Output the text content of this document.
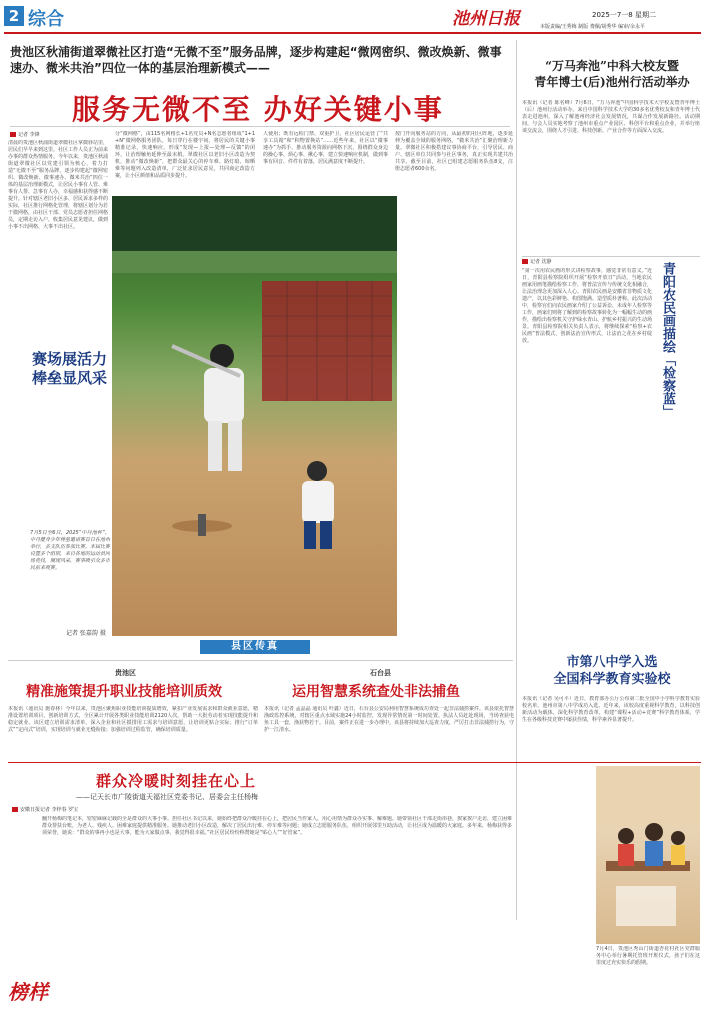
2 综合	池州日报	2025一7一8 星期二
本版责编/王秀梅 制版 费佩/胡秀华 编审/余永平
贵池区秋浦街道翠微社区打造“无微不至”服务品牌，逐步构建起“微网密织、微改焕新、微事速办、微米共治”四位一体的基层治理新模式——
服务无微不至 办好关键小事
记者 李锋
清晨的贵池区秋浦街道翠微社区掌微驿站里，居民们早早来到这里。社区工作人员正为前来办事的群众热情服务。今年以来，贵池区秋浦街道翠微社区以党建引领为核心，着力打造“无微不至”服务品牌，逐步构建起“微网密织、微改焕新、微事速办、微米共治”四位一体的基层治理新模式，让居民小事有人管、难事有人帮、急事有人办，幸福感和获得感不断提升。针对辖区老旧小区多、居民诉求多样的实际，社区推行网格化管理，将辖区划分为若干微网格，由社区干部、党员志愿者担任网格员，定期走访入户，收集居民意见建议，做到小事不出网格、大事不出社区。
分“微网格”，由115名网格长+1名党员+N名志愿者组成“1+1+N”微网格服务团队，每日穿行在楼宇间，将居民的关键小事精准记录、快速响应。形成“发现—上报—处理—反馈”的闭环，让治理触角延伸至最末梢。翠微社区以老旧小区改造为契机，推动“微改焕新”，把群众最关心的停车难、路灯暗、晾晒难等问题列入改造清单，广泛征求居民意见，共同商定改造方案，让小区颜值和品质同步提升。
人使用；既有远程门禁、双重护卫、社区居民运营了“共享工具箱”和“积物置换站”……近些年来，社区以“微事速办”为抓手，推动服务资源向网格下沉，围绕群众身边的操心事、烦心事、揪心事，建立快速响应机制，做到事事有回音、件件有着落，居民满意度不断提升。
按门开向服务站的方向，从最初的社区阵地，逐步延伸为覆盖全域的服务网络。“微米共治”汇聚治理新力量。翠微社区积极搭建议事协商平台，引导居民、商户、辖区单位共同参与社区事务，真正实现共建共治共享。截至目前，社区已组建志愿服务队伍8支，注册志愿者600余名。
赛场展活力
棒垒显风采
7月5日至6日，2025“中丹池杯”，中丹健身少年棒垒邀请赛首日在池州举行，多支队伍参加比赛。本届比赛设置多个组别，来自各地的运动员同场竞技，展现风采，赛事吸引众多市民前来观赛。
记者 张嘉韵 摄
“万马奔池”中科大校友暨
青年博士(后)池州行活动举办
本报讯（记者 陈名峰）7月6日，“万马奔池”中国科学技术大学校友暨青年博士（后）池州行活动举办。来自中国科学技术大学的30多名优秀校友和青年博士代表走进池州，深入了解池州经济社会发展情况，共谋合作发展新路径。活动期间，与会人员实地考察了池州市重点产业园区、科创平台和重点企业，并举行座谈交流会，围绕人才引进、科技创新、产业合作等方面深入交流。
青阳农民画描绘「检察蓝」
记者 沈静
“第一次用农民画的形式讲检察故事，感觉非常有意义。”近日，青阳县检察院组织开展“检察开放日”活动，当地农民画家用画笔描绘检察工作，将普法宣传与传统文化相融合，让法治理念更加深入人心。青阳农民画是安徽省非物质文化遗产，以其色彩鲜艳、构图饱满、造型质朴著称。此次活动中，检察官们向农民画家介绍了公益诉讼、未成年人检察等工作，画家们则将了解到的检察故事转化为一幅幅生动的画作，描绘出检察机关守护绿水青山、护航乡村振兴的生动场景。青阳县检察院相关负责人表示，将继续探索“检察+农民画”普法模式，创新法治宣传形式，让法治之花在乡村绽放。
县区传真
贵池区
精准施策提升职业技能培训质效
本报讯（通讯员 施春林）今年以来，贵池区聚焦职业技能培训提质增效，紧扣产业发展需求和群众就业意愿，精准设置培训项目，创新培训方式，全区累计开展各类职业技能培训2120人次，帮助一大批劳动者实现技能提升和稳定就业。该区建立培训需求清单，深入企业和社区摸排用工需求与培训意愿，让培训更贴合实际；推行“订单式”“定向式”培训，实现培训与就业无缝衔接；加强培训过程监管，确保培训质量。
石台县
运用智慧系统查处非法捕鱼
本报讯（记者 孟晶晶 通讯员 叶鑫）近日，石台县公安局利用智慧系统成功查处一起非法捕捞案件。该县依托智慧渔政监控系统，对辖区重点水域实施24小时监控，发现异常情况第一时间处置。执法人员赶赴现场，当场查获电鱼工具一套，渔获物若干。目前，案件正在进一步办理中。该县将持续加大巡查力度，严厉打击非法捕捞行为，守护一江清水。
市第八中学入选
全国科学教育实验校
本报讯（记者 吴可平）近日，教育部办公厅公布第二批全国中小学科学教育实验校名单，池州市第八中学成功入选。近年来，该校高度重视科学教育，以科技创新活动为载体，深化科学教育改革，构建“课程+活动+竞赛”科学教育体系，学生在各级科技竞赛中屡获佳绩，科学素养显著提升。
群众冷暖时刻挂在心上
——记天长市广陵街道天福社区党委书记、居委会主任杨梅
安徽日报记者 李梓春 罗宝
翻开杨梅的笔记本，密密麻麻记载的全是群众的大事小事。担任社区书记以来，她始终把群众冷暖挂在心上，把居民当作家人，用心用情为群众办实事、解难题。她带领社区干部走街串巷，挨家挨户走访，建立困难群众帮扶台账，为老人、残疾人、困难家庭提供精准服务。她推动老旧小区改造，解决了居民出行难、停车难等问题；她成立志愿服务队伍，组织开展邻里互助活动，让社区成为温暖的大家庭。多年来，杨梅获得多项荣誉，她说：“群众的事再小也是大事，能为大家做点事，我觉得很幸福。”社区居民纷纷称赞她是“贴心人”“好管家”。
榜样
7月4日，贵池区秀山门街道杏花村社区党群服务中心举行暑期托管班开班仪式，孩子们在这里度过充实快乐的假期。
